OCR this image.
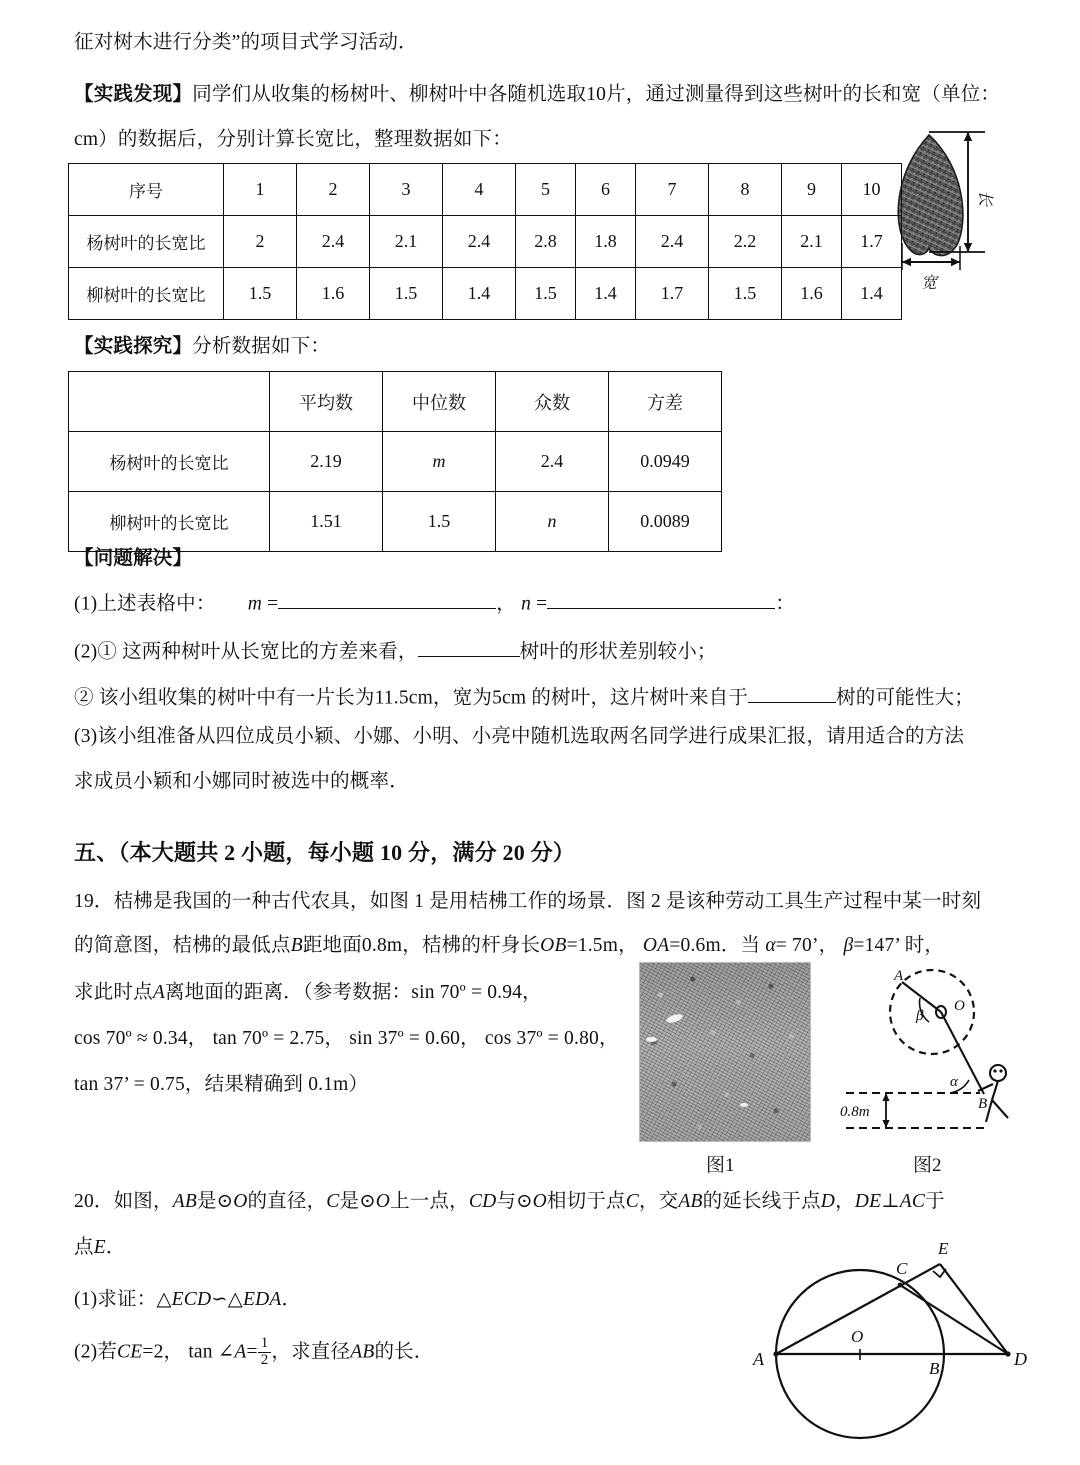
征对树木进行分类”的项目式学习活动．
【实践发现】同学们从收集的杨树叶、柳树叶中各随机选取10片，通过测量得到这些树叶的长和宽（单位：
cm）的数据后，分别计算长宽比，整理数据如下：
长
宽
序号	1	2	3	4	5	6	7	8	9	10
杨树叶的长宽比	2	2.4	2.1	2.4	2.8	1.8	2.4	2.2	2.1	1.7
柳树叶的长宽比	1.5	1.6	1.5	1.4	1.5	1.4	1.7	1.5	1.6	1.4
【实践探究】分析数据如下：
	平均数	中位数	众数	方差
杨树叶的长宽比	2.19	m	2.4	0.0949
柳树叶的长宽比	1.51	1.5	n	0.0089
【问题解决】
(1)上述表格中： m =	， n =	：
(2)① 这两种树叶从长宽比的方差来看，	树叶的形状差别较小；
② 该小组收集的树叶中有一片长为11.5cm，宽为5cm 的树叶，这片树叶来自于	树的可能性大；
(3)该小组准备从四位成员小颖、小娜、小明、小亮中随机选取两名同学进行成果汇报，请用适合的方法
求成员小颖和小娜同时被选中的概率．
五、（本大题共 2 小题，每小题 10 分，满分 20 分）
19．桔柫是我国的一种古代农具，如图 1 是用桔柫工作的场景．图 2 是该种劳动工具生产过程中某一时刻
的简意图，桔柫的最低点B距地面0.8m，桔柫的杆身长OB=1.5m， OA=0.6m．当 α= 70’， β=147’ 时，
求此时点A离地面的距离．（参考数据：sin 70º = 0.94，
cos 70º ≈ 0.34， tan 70º = 2.75， sin 37º = 0.60， cos 37º = 0.80，
tan 37’ = 0.75，结果精确到 0.1m）
O
A
β
0.8m
α
B
图1	图2
20．如图，AB是⊙O的直径，C是⊙O上一点，CD与⊙O相切于点C，交AB的延长线于点D，DE⊥AC于
点E．
(1)求证：△ECD∽△EDA．
(2)若CE=2， tan ∠A= $\frac{1}{2}$ ，求直径AB的长．	A
O
C
E
B	D
